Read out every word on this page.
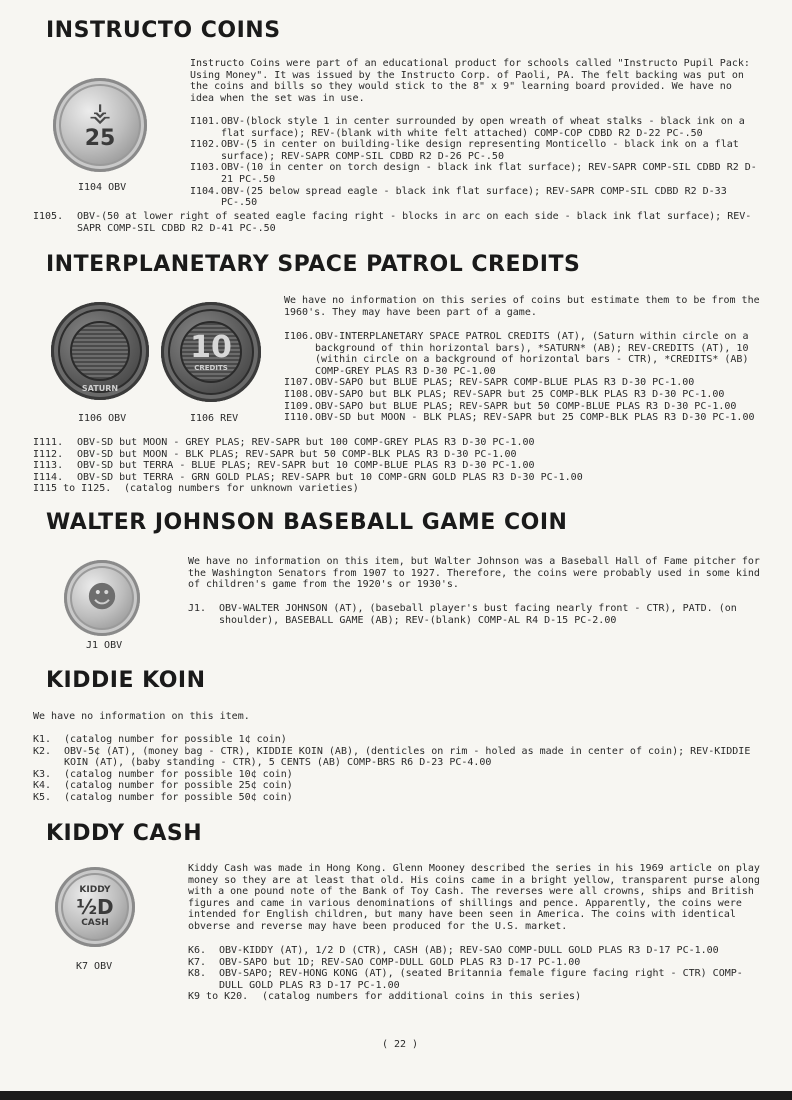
INSTRUCTO COINS
⚶
25
I104 OBV
Instructo Coins were part of an educational product for schools called "Instructo Pupil Pack: Using Money". It was issued by the Instructo Corp. of Paoli, PA. The felt backing was put on the coins and bills so they would stick to the 8" x 9" learning board provided. We have no idea when the set was in use.
I101. OBV-(block style 1 in center surrounded by open wreath of wheat stalks - black ink on a flat surface); REV-(blank with white felt attached) COMP-COP CDBD R2 D-22 PC-.50
I102. OBV-(5 in center on building-like design representing Monticello - black ink on a flat surface); REV-SAPR COMP-SIL CDBD R2 D-26 PC-.50
I103. OBV-(10 in center on torch design - black ink flat surface); REV-SAPR COMP-SIL CDBD R2 D-21 PC-.50
I104. OBV-(25 below spread eagle - black ink flat surface); REV-SAPR COMP-SIL CDBD R2 D-33 PC-.50
I105. OBV-(50 at lower right of seated eagle facing right - blocks in arc on each side - black ink flat surface); REV-SAPR COMP-SIL CDBD R2 D-41 PC-.50
INTERPLANETARY SPACE PATROL CREDITS
SATURN
10
CREDITS
I106 OBV	I106 REV
We have no information on this series of coins but estimate them to be from the 1960's. They may have been part of a game.
I106. OBV-INTERPLANETARY SPACE PATROL CREDITS (AT), (Saturn within circle on a background of thin horizontal bars), *SATURN* (AB); REV-CREDITS (AT), 10 (within circle on a background of horizontal bars - CTR), *CREDITS* (AB) COMP-GREY PLAS R3 D-30 PC-1.00
I107. OBV-SAPO but BLUE PLAS; REV-SAPR COMP-BLUE PLAS R3 D-30 PC-1.00
I108. OBV-SAPO but BLK PLAS; REV-SAPR but 25 COMP-BLK PLAS R3 D-30 PC-1.00
I109. OBV-SAPO but BLUE PLAS; REV-SAPR but 50 COMP-BLUE PLAS R3 D-30 PC-1.00
I110. OBV-SD but MOON - BLK PLAS; REV-SAPR but 25 COMP-BLK PLAS R3 D-30 PC-1.00
I111. OBV-SD but MOON - GREY PLAS; REV-SAPR but 100 COMP-GREY PLAS R3 D-30 PC-1.00
I112. OBV-SD but MOON - BLK PLAS; REV-SAPR but 50 COMP-BLK PLAS R3 D-30 PC-1.00
I113. OBV-SD but TERRA - BLUE PLAS; REV-SAPR but 10 COMP-BLUE PLAS R3 D-30 PC-1.00
I114. OBV-SD but TERRA - GRN GOLD PLAS; REV-SAPR but 10 COMP-GRN GOLD PLAS R3 D-30 PC-1.00
I115 to I125. (catalog numbers for unknown varieties)
WALTER JOHNSON BASEBALL GAME COIN
☻
J1 OBV
We have no information on this item, but Walter Johnson was a Baseball Hall of Fame pitcher for the Washington Senators from 1907 to 1927. Therefore, the coins were probably used in some kind of children's game from the 1920's or 1930's.
J1. OBV-WALTER JOHNSON (AT), (baseball player's bust facing nearly front - CTR), PATD. (on shoulder), BASEBALL GAME (AB); REV-(blank) COMP-AL R4 D-15 PC-2.00
KIDDIE KOIN
We have no information on this item.
K1. (catalog number for possible 1¢ coin)
K2. OBV-5¢ (AT), (money bag - CTR), KIDDIE KOIN (AB), (denticles on rim - holed as made in center of coin); REV-KIDDIE KOIN (AT), (baby standing - CTR), 5 CENTS (AB) COMP-BRS R6 D-23 PC-4.00
K3. (catalog number for possible 10¢ coin)
K4. (catalog number for possible 25¢ coin)
K5. (catalog number for possible 50¢ coin)
KIDDY CASH
KIDDY
½D
CASH
K7 OBV
Kiddy Cash was made in Hong Kong. Glenn Mooney described the series in his 1969 article on play money so they are at least that old. His coins came in a bright yellow, transparent purse along with a one pound note of the Bank of Toy Cash. The reverses were all crowns, ships and British figures and came in various denominations of shillings and pence. Apparently, the coins were intended for English children, but many have been seen in America. The coins with identical obverse and reverse may have been produced for the U.S. market.
K6. OBV-KIDDY (AT), 1/2 D (CTR), CASH (AB); REV-SAO COMP-DULL GOLD PLAS R3 D-17 PC-1.00
K7. OBV-SAPO but 1D; REV-SAO COMP-DULL GOLD PLAS R3 D-17 PC-1.00
K8. OBV-SAPO; REV-HONG KONG (AT), (seated Britannia female figure facing right - CTR) COMP-DULL GOLD PLAS R3 D-17 PC-1.00
K9 to K20. (catalog numbers for additional coins in this series)
( 22 )
